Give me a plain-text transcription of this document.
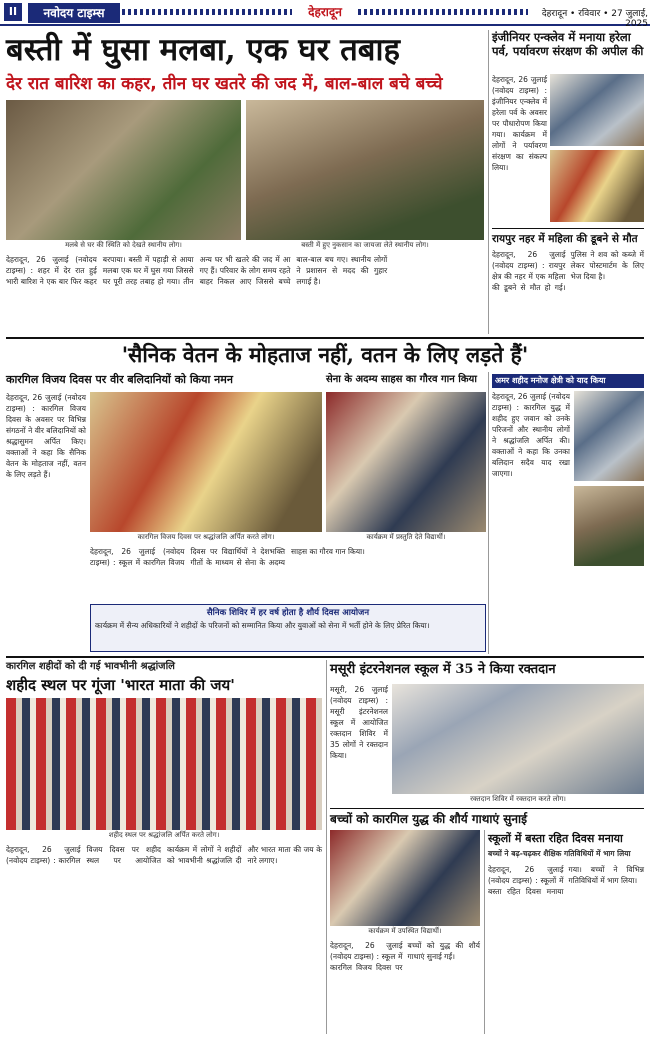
II	नवोदय टाइम्स	देहरादून	देहरादून • रविवार • 27 जुलाई, 2025
बस्ती में घुसा मलबा, एक घर तबाह
देर रात बारिश का कहर, तीन घर खतरे की जद में, बाल-बाल बचे बच्चे
मलबे से घर की स्थिति को देखते स्थानीय लोग।	बस्ती में हुए नुकसान का जायजा लेते स्थानीय लोग।
देहरादून, 26 जुलाई (नवोदय टाइम्स) : शहर में देर रात हुई भारी बारिश ने एक बार फिर कहर बरपाया। बस्ती में पहाड़ी से आया मलबा एक घर में घुस गया जिससे घर पूरी तरह तबाह हो गया। तीन अन्य घर भी खतरे की जद में आ गए हैं। परिवार के लोग समय रहते बाहर निकल आए जिससे बच्चे बाल-बाल बच गए। स्थानीय लोगों ने प्रशासन से मदद की गुहार लगाई है।
इंजीनियर एन्क्लेव में मनाया हरेला पर्व, पर्यावरण संरक्षण की अपील की
देहरादून, 26 जुलाई (नवोदय टाइम्स) : इंजीनियर एन्क्लेव में हरेला पर्व के अवसर पर पौधारोपण किया गया। कार्यक्रम में लोगों ने पर्यावरण संरक्षण का संकल्प लिया।
रायपुर नहर में महिला की डूबने से मौत
देहरादून, 26 जुलाई (नवोदय टाइम्स) : रायपुर क्षेत्र की नहर में एक महिला की डूबने से मौत हो गई। पुलिस ने शव को कब्जे में लेकर पोस्टमार्टम के लिए भेज दिया है।
'सैनिक वेतन के मोहताज नहीं, वतन के लिए लड़ते हैं'
कारगिल विजय दिवस पर वीर बलिदानियों को किया नमन
देहरादून, 26 जुलाई (नवोदय टाइम्स) : कारगिल विजय दिवस के अवसर पर विभिन्न संगठनों ने वीर बलिदानियों को श्रद्धासुमन अर्पित किए। वक्ताओं ने कहा कि सैनिक वेतन के मोहताज नहीं, वतन के लिए लड़ते हैं।
कारगिल विजय दिवस पर श्रद्धांजलि अर्पित करते लोग।
सेना के अदम्य साहस का गौरव गान किया
कार्यक्रम में प्रस्तुति देते विद्यार्थी।
देहरादून, 26 जुलाई (नवोदय टाइम्स) : स्कूल में कारगिल विजय दिवस पर विद्यार्थियों ने देशभक्ति गीतों के माध्यम से सेना के अदम्य साहस का गौरव गान किया।
सैनिक शिविर में हर वर्ष होता है शौर्य दिवस आयोजन
कार्यक्रम में सैन्य अधिकारियों ने शहीदों के परिजनों को सम्मानित किया और युवाओं को सेना में भर्ती होने के लिए प्रेरित किया।
अमर शहीद मनोज क्षेत्री को याद किया
देहरादून, 26 जुलाई (नवोदय टाइम्स) : कारगिल युद्ध में शहीद हुए जवान को उनके परिजनों और स्थानीय लोगों ने श्रद्धांजलि अर्पित की। वक्ताओं ने कहा कि उनका बलिदान सदैव याद रखा जाएगा।
कारगिल शहीदों को दी गई भावभीनी श्रद्धांजलि
शहीद स्थल पर गूंजा 'भारत माता की जय'
शहीद स्थल पर श्रद्धांजलि अर्पित करते लोग।
देहरादून, 26 जुलाई (नवोदय टाइम्स) : कारगिल विजय दिवस पर शहीद स्थल पर आयोजित कार्यक्रम में लोगों ने शहीदों को भावभीनी श्रद्धांजलि दी और भारत माता की जय के नारे लगाए।
मसूरी इंटरनेशनल स्कूल में 35 ने किया रक्तदान
मसूरी, 26 जुलाई (नवोदय टाइम्स) : मसूरी इंटरनेशनल स्कूल में आयोजित रक्तदान शिविर में 35 लोगों ने रक्तदान किया।
रक्तदान शिविर में रक्तदान करते लोग।
बच्चों को कारगिल युद्ध की शौर्य गाथाएं सुनाई
कार्यक्रम में उपस्थित विद्यार्थी।
देहरादून, 26 जुलाई (नवोदय टाइम्स) : स्कूल में कारगिल विजय दिवस पर बच्चों को युद्ध की शौर्य गाथाएं सुनाई गईं।
स्कूलों में बस्ता रहित दिवस मनाया
बच्चों ने बढ़-चढ़कर शैक्षिक गतिविधियों में भाग लिया
देहरादून, 26 जुलाई (नवोदय टाइम्स) : स्कूलों में बस्ता रहित दिवस मनाया गया। बच्चों ने विभिन्न गतिविधियों में भाग लिया।
